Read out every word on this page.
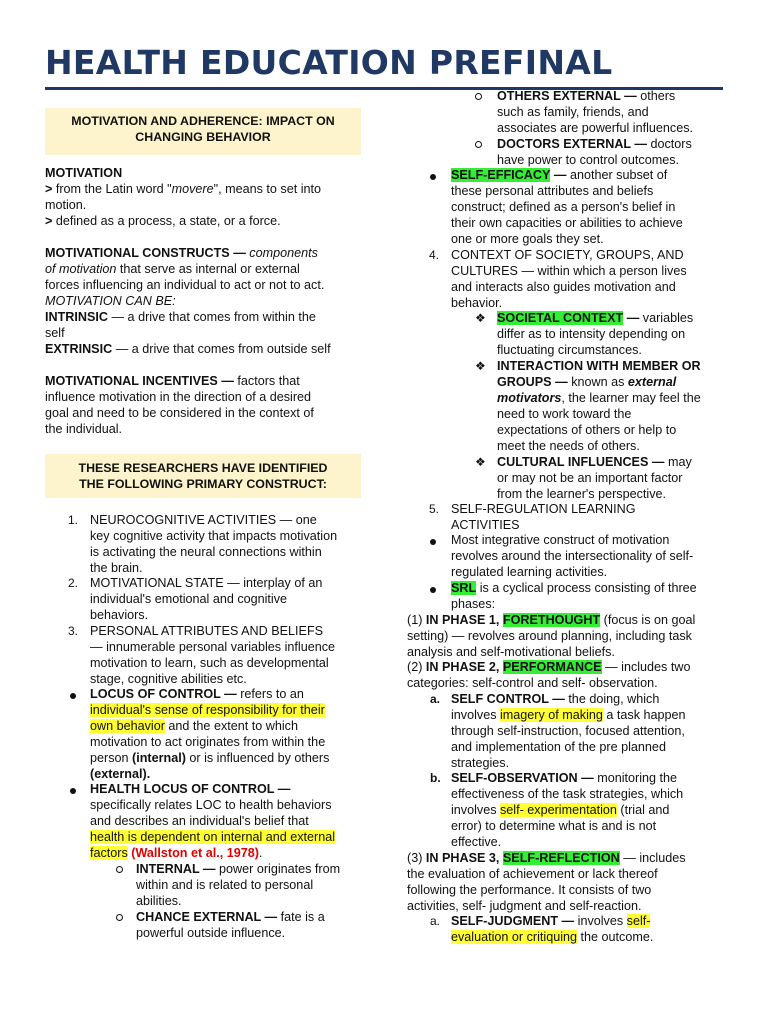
HEALTH EDUCATION PREFINAL
MOTIVATION AND ADHERENCE: IMPACT ON
CHANGING BEHAVIOR
MOTIVATION
> from the Latin word "movere", means to set into
motion.
> defined as a process, a state, or a force.
MOTIVATIONAL CONSTRUCTS — components
of motivation that serve as internal or external
forces influencing an individual to act or not to act.
MOTIVATION CAN BE:
INTRINSIC — a drive that comes from within the
self
EXTRINSIC — a drive that comes from outside self
MOTIVATIONAL INCENTIVES — factors that
influence motivation in the direction of a desired
goal and need to be considered in the context of
the individual.
THESE RESEARCHERS HAVE IDENTIFIED
THE FOLLOWING PRIMARY CONSTRUCT:
1. NEUROCOGNITIVE ACTIVITIES — one
key cognitive activity that impacts motivation
is activating the neural connections within
the brain.
2. MOTIVATIONAL STATE — interplay of an
individual's emotional and cognitive
behaviors.
3. PERSONAL ATTRIBUTES AND BELIEFS
— innumerable personal variables influence
motivation to learn, such as developmental
stage, cognitive abilities etc.
LOCUS OF CONTROL — refers to an
individual's sense of responsibility for their
own behavior and the extent to which
motivation to act originates from within the
person (internal) or is influenced by others
(external).
HEALTH LOCUS OF CONTROL —
specifically relates LOC to health behaviors
and describes an individual's belief that
health is dependent on internal and external
factors (Wallston et al., 1978).
INTERNAL — power originates from
within and is related to personal
abilities.
CHANCE EXTERNAL — fate is a
powerful outside influence.
OTHERS EXTERNAL — others
such as family, friends, and
associates are powerful influences.
DOCTORS EXTERNAL — doctors
have power to control outcomes.
SELF-EFFICACY — another subset of
these personal attributes and beliefs
construct; defined as a person's belief in
their own capacities or abilities to achieve
one or more goals they set.
4. CONTEXT OF SOCIETY, GROUPS, AND
CULTURES — within which a person lives
and interacts also guides motivation and
behavior.
❖ SOCIETAL CONTEXT — variables
differ as to intensity depending on
fluctuating circumstances.
❖ INTERACTION WITH MEMBER OR
GROUPS — known as external
motivators, the learner may feel the
need to work toward the
expectations of others or help to
meet the needs of others.
❖ CULTURAL INFLUENCES — may
or may not be an important factor
from the learner's perspective.
5. SELF-REGULATION LEARNING
ACTIVITIES
Most integrative construct of motivation
revolves around the intersectionality of self-
regulated learning activities.
SRL is a cyclical process consisting of three
phases:
(1) IN PHASE 1, FORETHOUGHT (focus is on goal
setting) — revolves around planning, including task
analysis and self-motivational beliefs.
(2) IN PHASE 2, PERFORMANCE — includes two
categories: self-control and self- observation.
a. SELF CONTROL — the doing, which
involves imagery of making a task happen
through self-instruction, focused attention,
and implementation of the pre planned
strategies.
b. SELF-OBSERVATION — monitoring the
effectiveness of the task strategies, which
involves self- experimentation (trial and
error) to determine what is and is not
effective.
(3) IN PHASE 3, SELF-REFLECTION — includes
the evaluation of achievement or lack thereof
following the performance. It consists of two
activities, self- judgment and self-reaction.
a. SELF-JUDGMENT — involves self-
evaluation or critiquing the outcome.
